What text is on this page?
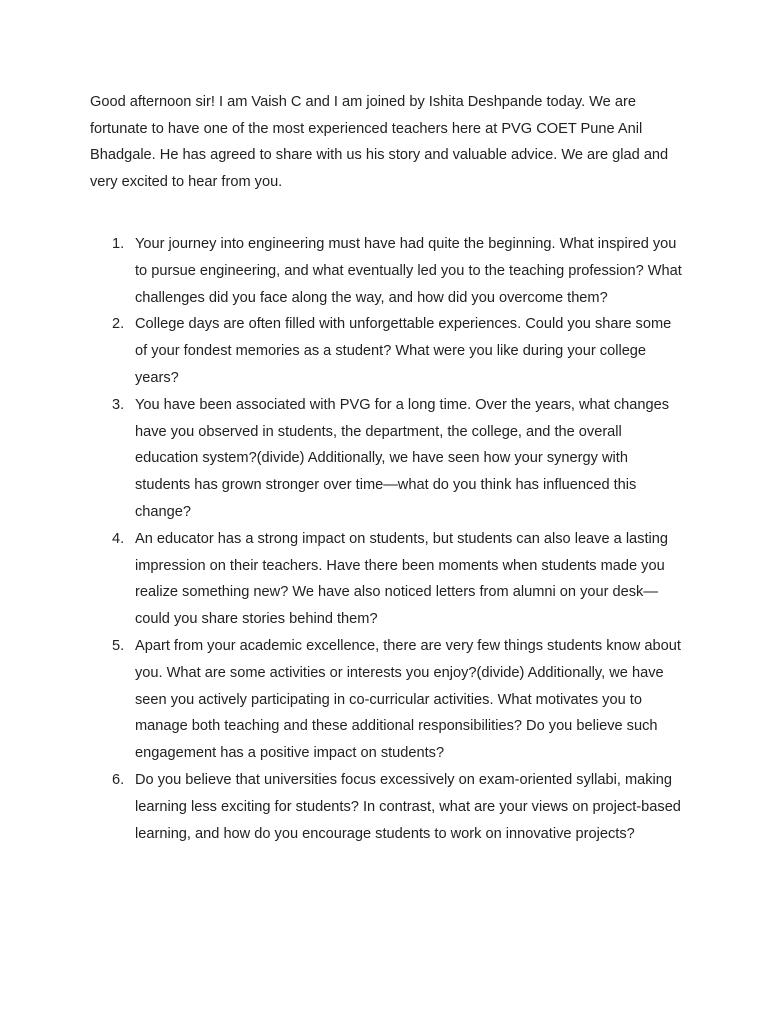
Good afternoon sir! I am Vaish C and I am joined by Ishita Deshpande today. We are fortunate to have one of the most experienced teachers here at PVG COET Pune Anil Bhadgale. He has agreed to share with us his story and valuable advice. We are glad and very excited to hear from you.

1. Your journey into engineering must have had quite the beginning. What inspired you to pursue engineering, and what eventually led you to the teaching profession? What challenges did you face along the way, and how did you overcome them?
2. College days are often filled with unforgettable experiences. Could you share some of your fondest memories as a student? What were you like during your college years?
3. You have been associated with PVG for a long time. Over the years, what changes have you observed in students, the department, the college, and the overall education system?(divide) Additionally, we have seen how your synergy with students has grown stronger over time—what do you think has influenced this change?
4. An educator has a strong impact on students, but students can also leave a lasting impression on their teachers. Have there been moments when students made you realize something new? We have also noticed letters from alumni on your desk—could you share stories behind them?
5. Apart from your academic excellence, there are very few things students know about you. What are some activities or interests you enjoy?(divide) Additionally, we have seen you actively participating in co-curricular activities. What motivates you to manage both teaching and these additional responsibilities? Do you believe such engagement has a positive impact on students?
6. Do you believe that universities focus excessively on exam-oriented syllabi, making learning less exciting for students? In contrast, what are your views on project-based learning, and how do you encourage students to work on innovative projects?
